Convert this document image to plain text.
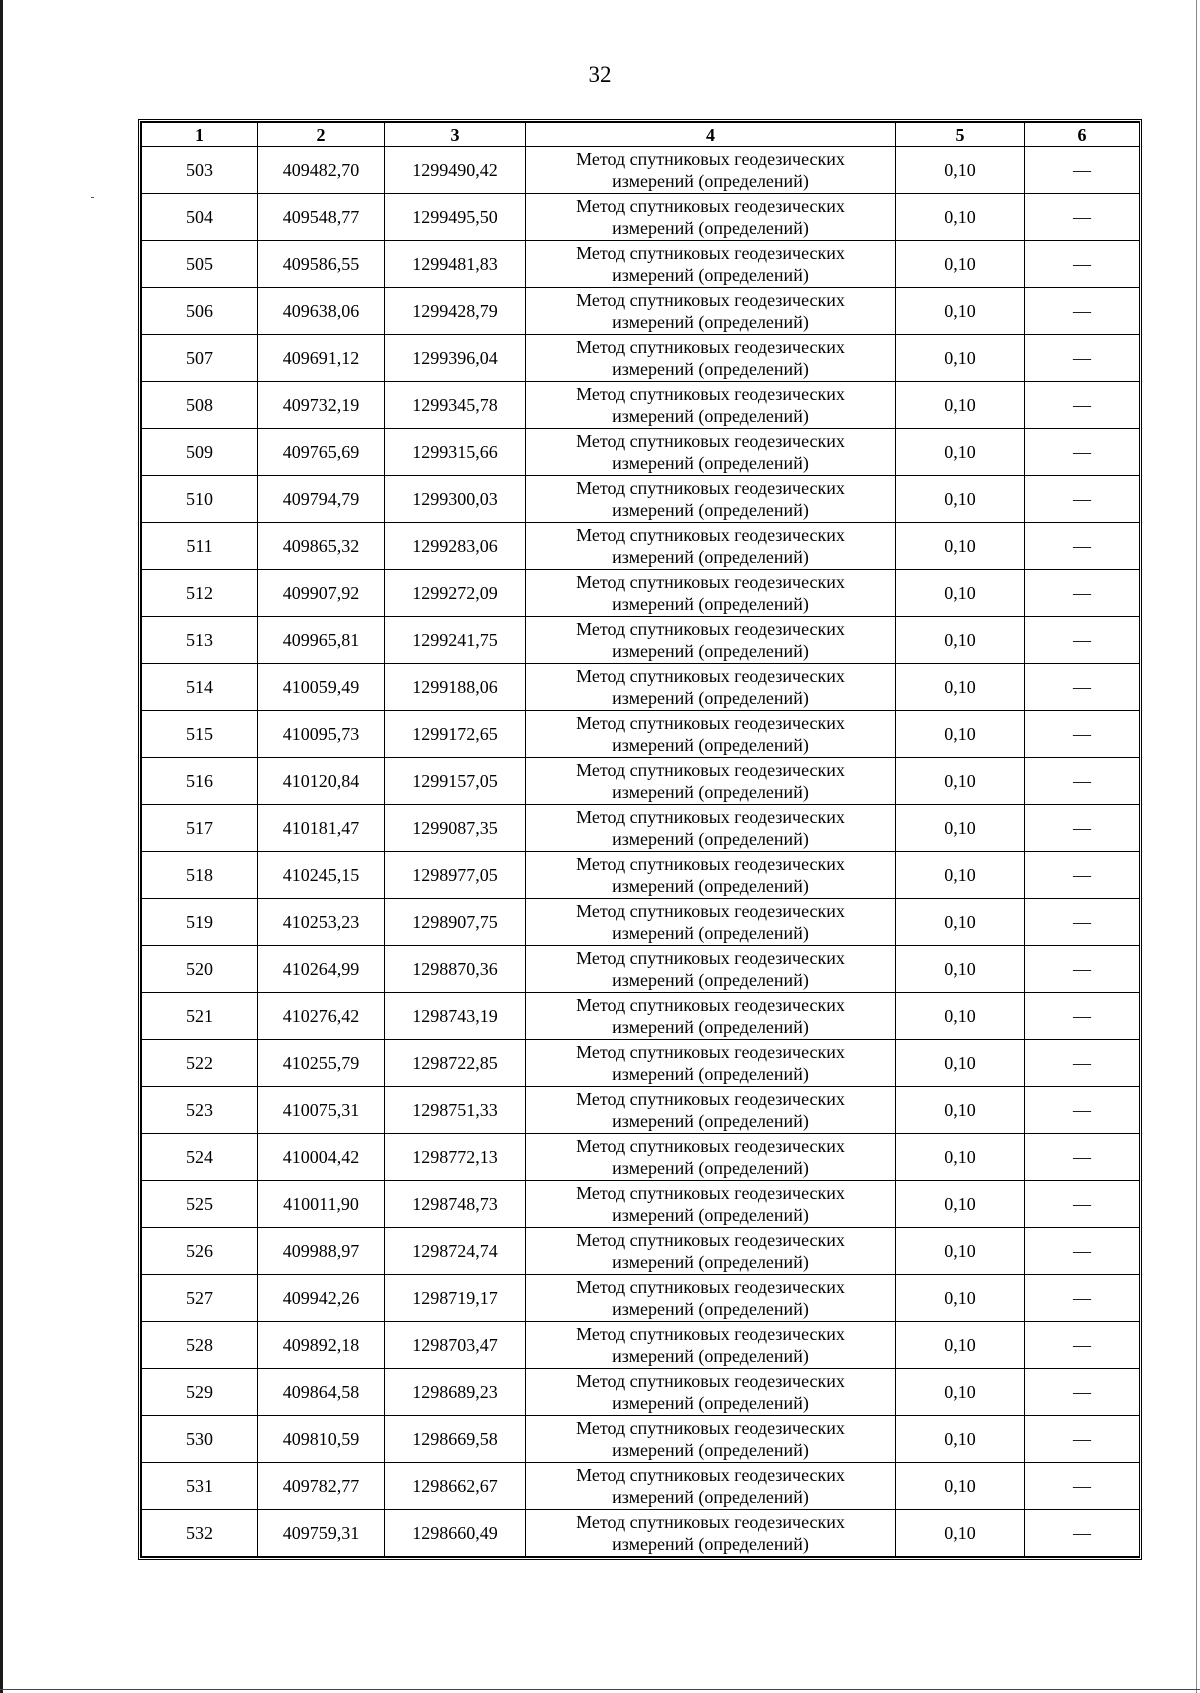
32
1	2	3	4	5	6
503	409482,70	1299490,42	Метод спутниковых геодезических
измерений (определений)	0,10	—
504	409548,77	1299495,50	Метод спутниковых геодезических
измерений (определений)	0,10	—
505	409586,55	1299481,83	Метод спутниковых геодезических
измерений (определений)	0,10	—
506	409638,06	1299428,79	Метод спутниковых геодезических
измерений (определений)	0,10	—
507	409691,12	1299396,04	Метод спутниковых геодезических
измерений (определений)	0,10	—
508	409732,19	1299345,78	Метод спутниковых геодезических
измерений (определений)	0,10	—
509	409765,69	1299315,66	Метод спутниковых геодезических
измерений (определений)	0,10	—
510	409794,79	1299300,03	Метод спутниковых геодезических
измерений (определений)	0,10	—
511	409865,32	1299283,06	Метод спутниковых геодезических
измерений (определений)	0,10	—
512	409907,92	1299272,09	Метод спутниковых геодезических
измерений (определений)	0,10	—
513	409965,81	1299241,75	Метод спутниковых геодезических
измерений (определений)	0,10	—
514	410059,49	1299188,06	Метод спутниковых геодезических
измерений (определений)	0,10	—
515	410095,73	1299172,65	Метод спутниковых геодезических
измерений (определений)	0,10	—
516	410120,84	1299157,05	Метод спутниковых геодезических
измерений (определений)	0,10	—
517	410181,47	1299087,35	Метод спутниковых геодезических
измерений (определений)	0,10	—
518	410245,15	1298977,05	Метод спутниковых геодезических
измерений (определений)	0,10	—
519	410253,23	1298907,75	Метод спутниковых геодезических
измерений (определений)	0,10	—
520	410264,99	1298870,36	Метод спутниковых геодезических
измерений (определений)	0,10	—
521	410276,42	1298743,19	Метод спутниковых геодезических
измерений (определений)	0,10	—
522	410255,79	1298722,85	Метод спутниковых геодезических
измерений (определений)	0,10	—
523	410075,31	1298751,33	Метод спутниковых геодезических
измерений (определений)	0,10	—
524	410004,42	1298772,13	Метод спутниковых геодезических
измерений (определений)	0,10	—
525	410011,90	1298748,73	Метод спутниковых геодезических
измерений (определений)	0,10	—
526	409988,97	1298724,74	Метод спутниковых геодезических
измерений (определений)	0,10	—
527	409942,26	1298719,17	Метод спутниковых геодезических
измерений (определений)	0,10	—
528	409892,18	1298703,47	Метод спутниковых геодезических
измерений (определений)	0,10	—
529	409864,58	1298689,23	Метод спутниковых геодезических
измерений (определений)	0,10	—
530	409810,59	1298669,58	Метод спутниковых геодезических
измерений (определений)	0,10	—
531	409782,77	1298662,67	Метод спутниковых геодезических
измерений (определений)	0,10	—
532	409759,31	1298660,49	Метод спутниковых геодезических
измерений (определений)	0,10	—
